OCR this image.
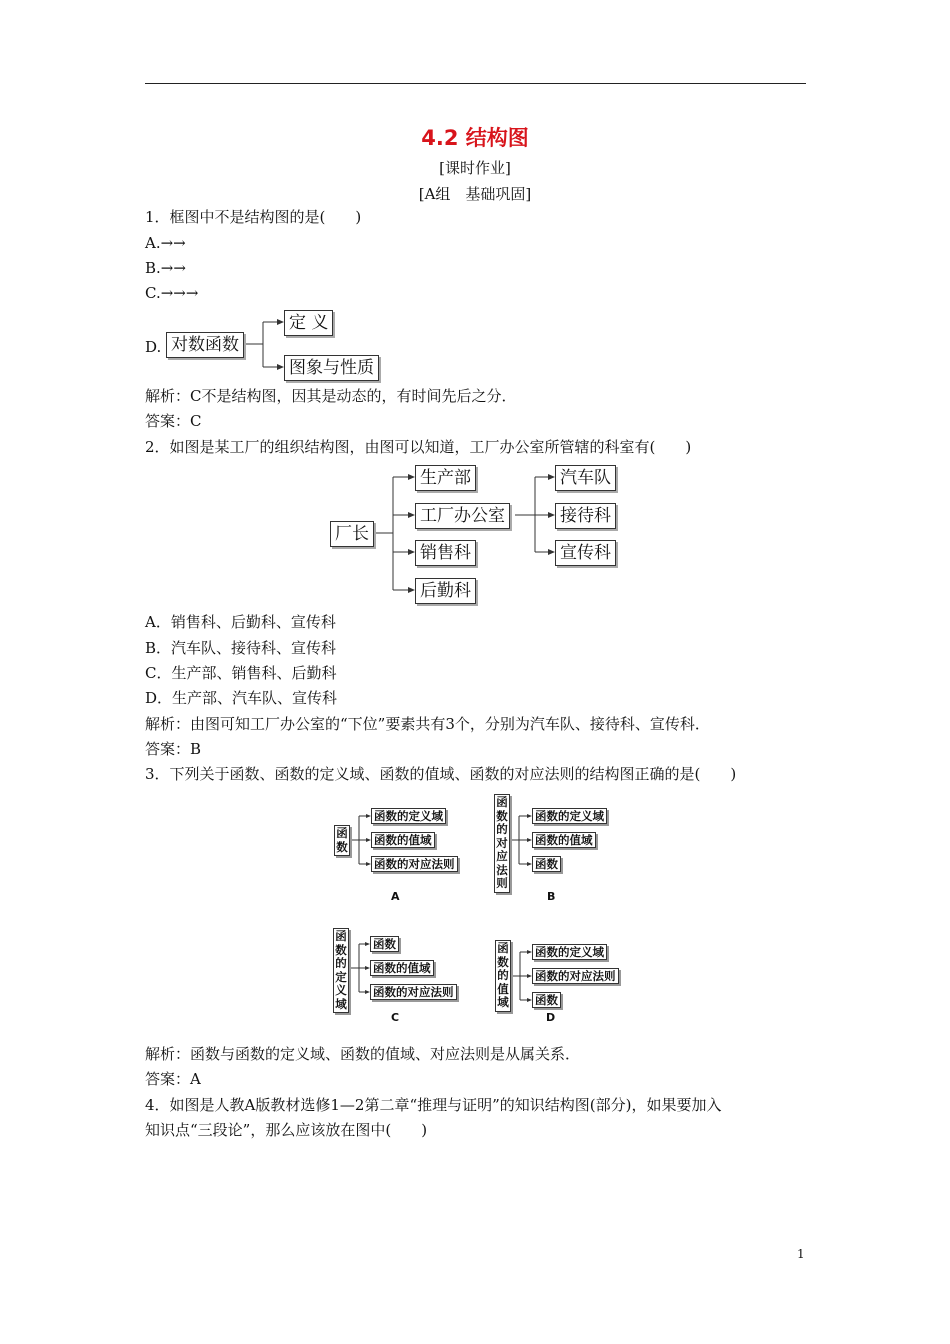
4.2 结构图
[课时作业]
[A组　基础巩固]
1．框图中不是结构图的是(　　)
A.→→
B.→→
C.→→→
D. 对数函数
定 义
图象与性质
解析：C不是结构图，因其是动态的，有时间先后之分．
答案：C
2．如图是某工厂的组织结构图，由图可以知道，工厂办公室所管辖的科室有(　　)
厂长
生产部
工厂办公室
销售科
后勤科
汽车队
接待科
宣传科
A．销售科、后勤科、宣传科
B．汽车队、接待科、宣传科
C．生产部、销售科、后勤科
D．生产部、汽车队、宣传科
解析：由图可知工厂办公室的“下位”要素共有3个，分别为汽车队、接待科、宣传科．
答案：B
3．下列关于函数、函数的定义域、函数的值域、函数的对应法则的结构图正确的是(　　)
函数
函数的定义域
函数的值域
函数的对应法则
A
函数的对应法则
函数的定义域
函数的值域
函数
B
函数的定义域
函数
函数的值域
函数的对应法则
C
函数的值域
函数的定义域
函数的对应法则
函数
D
解析：函数与函数的定义域、函数的值域、对应法则是从属关系．
答案：A
4．如图是人教A版教材选修1—2第二章“推理与证明”的知识结构图(部分)，如果要加入
知识点“三段论”，那么应该放在图中(　　)
1
